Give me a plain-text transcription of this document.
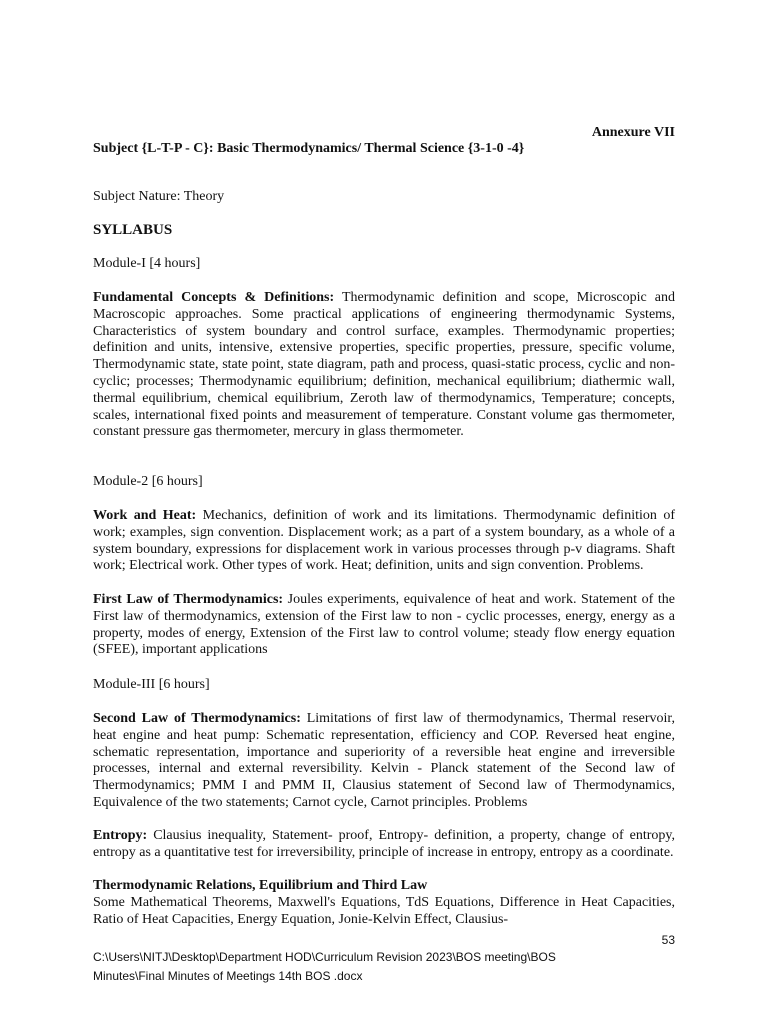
Annexure VII
Subject {L-T-P - C}: Basic Thermodynamics/ Thermal Science {3-1-0 -4}
Subject Nature: Theory
SYLLABUS
Module-I [4 hours]

Fundamental Concepts & Definitions: Thermodynamic definition and scope, Microscopic and Macroscopic approaches. Some practical applications of engineering thermodynamic Systems, Characteristics of system boundary and control surface, examples. Thermodynamic properties; definition and units, intensive, extensive properties, specific properties, pressure, specific volume, Thermodynamic state, state point, state diagram, path and process, quasi-static process, cyclic and non-cyclic; processes; Thermodynamic equilibrium; definition, mechanical equilibrium; diathermic wall, thermal equilibrium, chemical equilibrium, Zeroth law of thermodynamics, Temperature; concepts, scales, international fixed points and measurement of temperature. Constant volume gas thermometer, constant pressure gas thermometer, mercury in glass thermometer.

Module-2 [6 hours]

Work and Heat: Mechanics, definition of work and its limitations. Thermodynamic definition of work; examples, sign convention. Displacement work; as a part of a system boundary, as a whole of a system boundary, expressions for displacement work in various processes through p-v diagrams. Shaft work; Electrical work. Other types of work. Heat; definition, units and sign convention. Problems.

First Law of Thermodynamics: Joules experiments, equivalence of heat and work. Statement of the First law of thermodynamics, extension of the First law to non - cyclic processes, energy, energy as a property, modes of energy, Extension of the First law to control volume; steady flow energy equation (SFEE), important applications

Module-III [6 hours]

Second Law of Thermodynamics: Limitations of first law of thermodynamics, Thermal reservoir, heat engine and heat pump: Schematic representation, efficiency and COP. Reversed heat engine, schematic representation, importance and superiority of a reversible heat engine and irreversible processes, internal and external reversibility. Kelvin - Planck statement of the Second law of Thermodynamics; PMM I and PMM II, Clausius statement of Second law of Thermodynamics, Equivalence of the two statements; Carnot cycle, Carnot principles. Problems

Entropy: Clausius inequality, Statement- proof, Entropy- definition, a property, change of entropy, entropy as a quantitative test for irreversibility, principle of increase in entropy, entropy as a coordinate.

Thermodynamic Relations, Equilibrium and Third Law
Some Mathematical Theorems, Maxwell's Equations, TdS Equations, Difference in Heat Capacities, Ratio of Heat Capacities, Energy Equation, Jonie-Kelvin Effect, Clausius-

53
C:\Users\NITJ\Desktop\Department HOD\Curriculum Revision 2023\BOS meeting\BOS
Minutes\Final Minutes of Meetings 14th BOS .docx
